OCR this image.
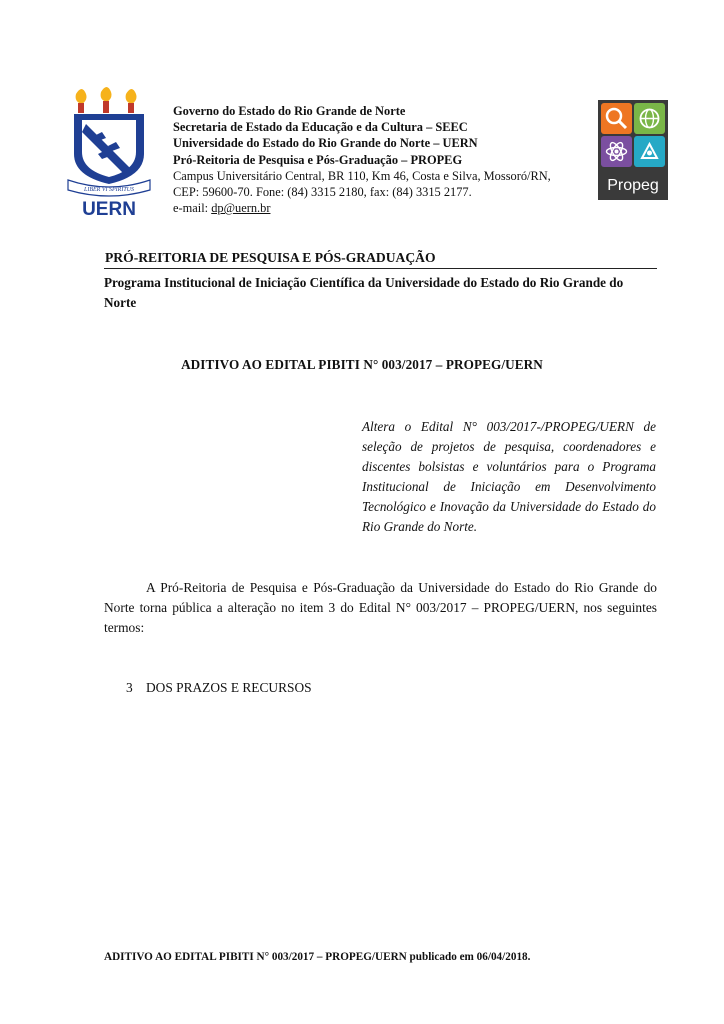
LIBER VI SPIRITUS
UERN
Governo do Estado do Rio Grande de Norte
Secretaria de Estado da Educação e da Cultura – SEEC
Universidade do Estado do Rio Grande do Norte – UERN
Pró-Reitoria de Pesquisa e Pós-Graduação – PROPEG
Campus Universitário Central, BR 110, Km 46, Costa e Silva, Mossoró/RN,
CEP: 59600-70. Fone: (84) 3315 2180, fax: (84) 3315 2177.
e-mail: dp@uern.br
Propeg
PRÓ-REITORIA DE PESQUISA E PÓS-GRADUAÇÃO
Programa Institucional de Iniciação Científica da Universidade do Estado do Rio Grande do Norte
ADITIVO AO EDITAL PIBITI N° 003/2017 – PROPEG/UERN
Altera o Edital N° 003/2017-/PROPEG/UERN de seleção de projetos de pesquisa, coordenadores e discentes bolsistas e voluntários para o Programa Institucional de Iniciação em Desenvolvimento Tecnológico e Inovação da Universidade do Estado do Rio Grande do Norte.
A Pró-Reitoria de Pesquisa e Pós-Graduação da Universidade do Estado do Rio Grande do Norte torna pública a alteração no item 3 do Edital N° 003/2017 – PROPEG/UERN, nos seguintes termos:
3 DOS PRAZOS E RECURSOS
ADITIVO AO EDITAL PIBITI N° 003/2017 – PROPEG/UERN publicado em 06/04/2018.
